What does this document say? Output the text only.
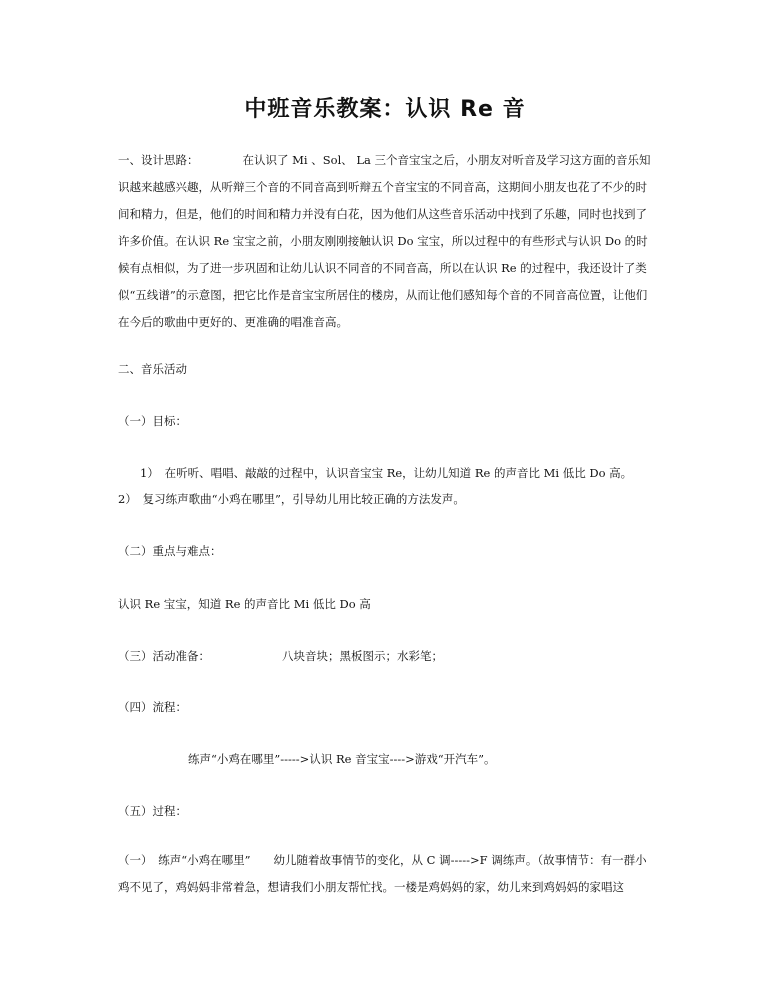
中班音乐教案：认识 Re 音
一、设计思路：	在认识了 Mi 、Sol、 La 三个音宝宝之后，小朋友对听音及学习这方面的音乐知识越来越感兴趣，从听辩三个音的不同音高到听辩五个音宝宝的不同音高，这期间小朋友也花了不少的时间和精力，但是，他们的时间和精力并没有白花，因为他们从这些音乐活动中找到了乐趣，同时也找到了许多价值。在认识 Re 宝宝之前，小朋友刚刚接触认识 Do 宝宝，所以过程中的有些形式与认识 Do 的时候有点相似，为了进一步巩固和让幼儿认识不同音的不同音高，所以在认识 Re 的过程中，我还设计了类似“五线谱”的示意图，把它比作是音宝宝所居住的楼房，从而让他们感知每个音的不同音高位置，让他们在今后的歌曲中更好的、更准确的唱准音高。
二、音乐活动
（一）目标：
1）　在听听、唱唱、敲敲的过程中，认识音宝宝 Re，让幼儿知道 Re 的声音比 Mi 低比 Do 高。
2）　复习练声歌曲“小鸡在哪里”，引导幼儿用比较正确的方法发声。
（二）重点与难点：
认识 Re 宝宝，知道 Re 的声音比 Mi 低比 Do 高
（三）活动准备：	八块音块；黑板图示；水彩笔；
（四）流程：
练声“小鸡在哪里”----->认识 Re 音宝宝---->游戏“开汽车”。
（五）过程：
（一）　练声“小鸡在哪里”　　幼儿随着故事情节的变化，从 C 调----->F 调练声。（故事情节：有一群小鸡不见了，鸡妈妈非常着急，想请我们小朋友帮忙找。一楼是鸡妈妈的家，幼儿来到鸡妈妈的家唱这
